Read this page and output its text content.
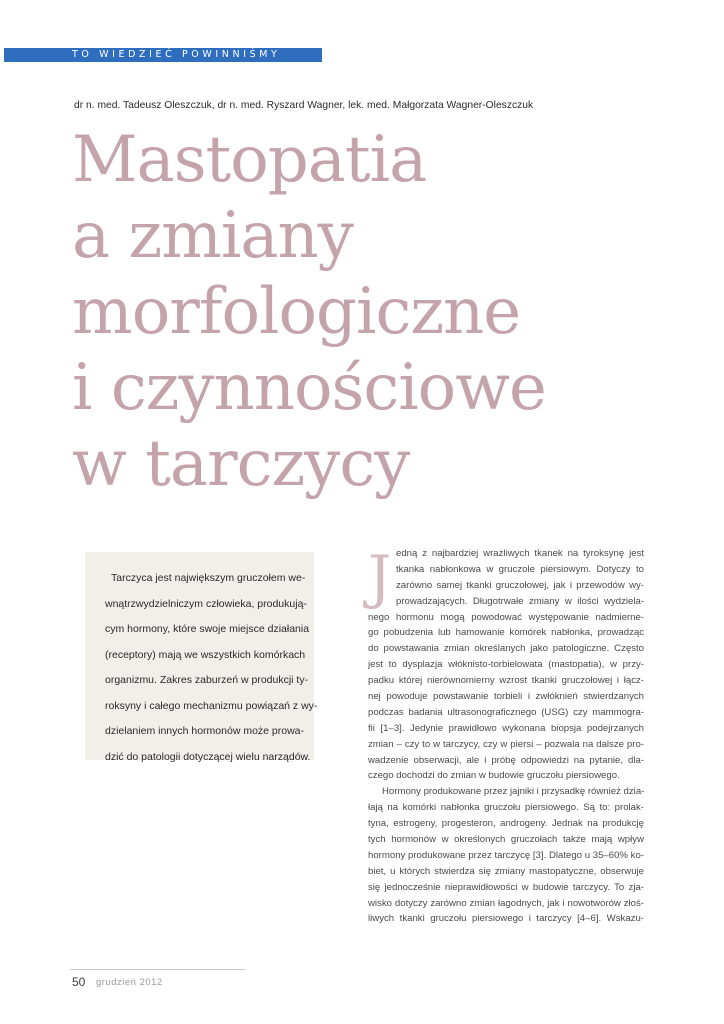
TO WIEDZIEĆ POWINNIŚMY
dr n. med. Tadeusz Oleszczuk, dr n. med. Ryszard Wagner, lek. med. Małgorzata Wagner-Oleszczuk
Mastopatia
a zmiany
morfologiczne
i czynnościowe
w tarczycy
Tarczyca jest największym gruczołem we-
wnątrzwydzielniczym człowieka, produkują-
cym hormony, które swoje miejsce działania
(receptory) mają we wszystkich komórkach
organizmu. Zakres zaburzeń w produkcji ty-
roksyny i całego mechanizmu powiązań z wy-
dzielaniem innych hormonów może prowa-
dzić do patologii dotyczącej wielu narządów.
J edną z najbardziej wrażliwych tkanek na tyroksynę jest
tkanka nabłonkowa w gruczole piersiowym. Dotyczy to
zarówno samej tkanki gruczołowej, jak i przewodów wy-
prowadzających. Długotrwałe zmiany w ilości wydziela-
nego hormonu mogą powodować występowanie nadmierne-
go pobudzenia lub hamowanie komórek nabłonka, prowadząc
do powstawania zmian określanych jako patologiczne. Często
jest to dysplazja włóknisto-torbielowata (mastopatia), w przy-
padku której nierównomierny wzrost tkanki gruczołowej i łącz-
nej powoduje powstawanie torbieli i zwłóknień stwierdzanych
podczas badania ultrasonograficznego (USG) czy mammogra-
fii [1–3]. Jedynie prawidłowo wykonana biopsja podejrzanych
zmian – czy to w tarczycy, czy w piersi – pozwala na dalsze pro-
wadzenie obserwacji, ale i próbę odpowiedzi na pytanie, dla-
czego dochodzi do zmian w budowie gruczołu piersiowego.
Hormony produkowane przez jajniki i przysadkę również dzia-
łają na komórki nabłonka gruczołu piersiowego. Są to: prolak-
tyna, estrogeny, progesteron, androgeny. Jednak na produkcję
tych hormonów w określonych gruczołach także mają wpływ
hormony produkowane przez tarczycę [3]. Dlatego u 35–60% ko-
biet, u których stwierdza się zmiany mastopatyczne, obserwuje
się jednocześnie nieprawidłowości w budowie tarczycy. To zja-
wisko dotyczy zarówno zmian łagodnych, jak i nowotworów złoś-
liwych tkanki gruczołu piersiowego i tarczycy [4–6]. Wskazu-
50 grudzień 2012
